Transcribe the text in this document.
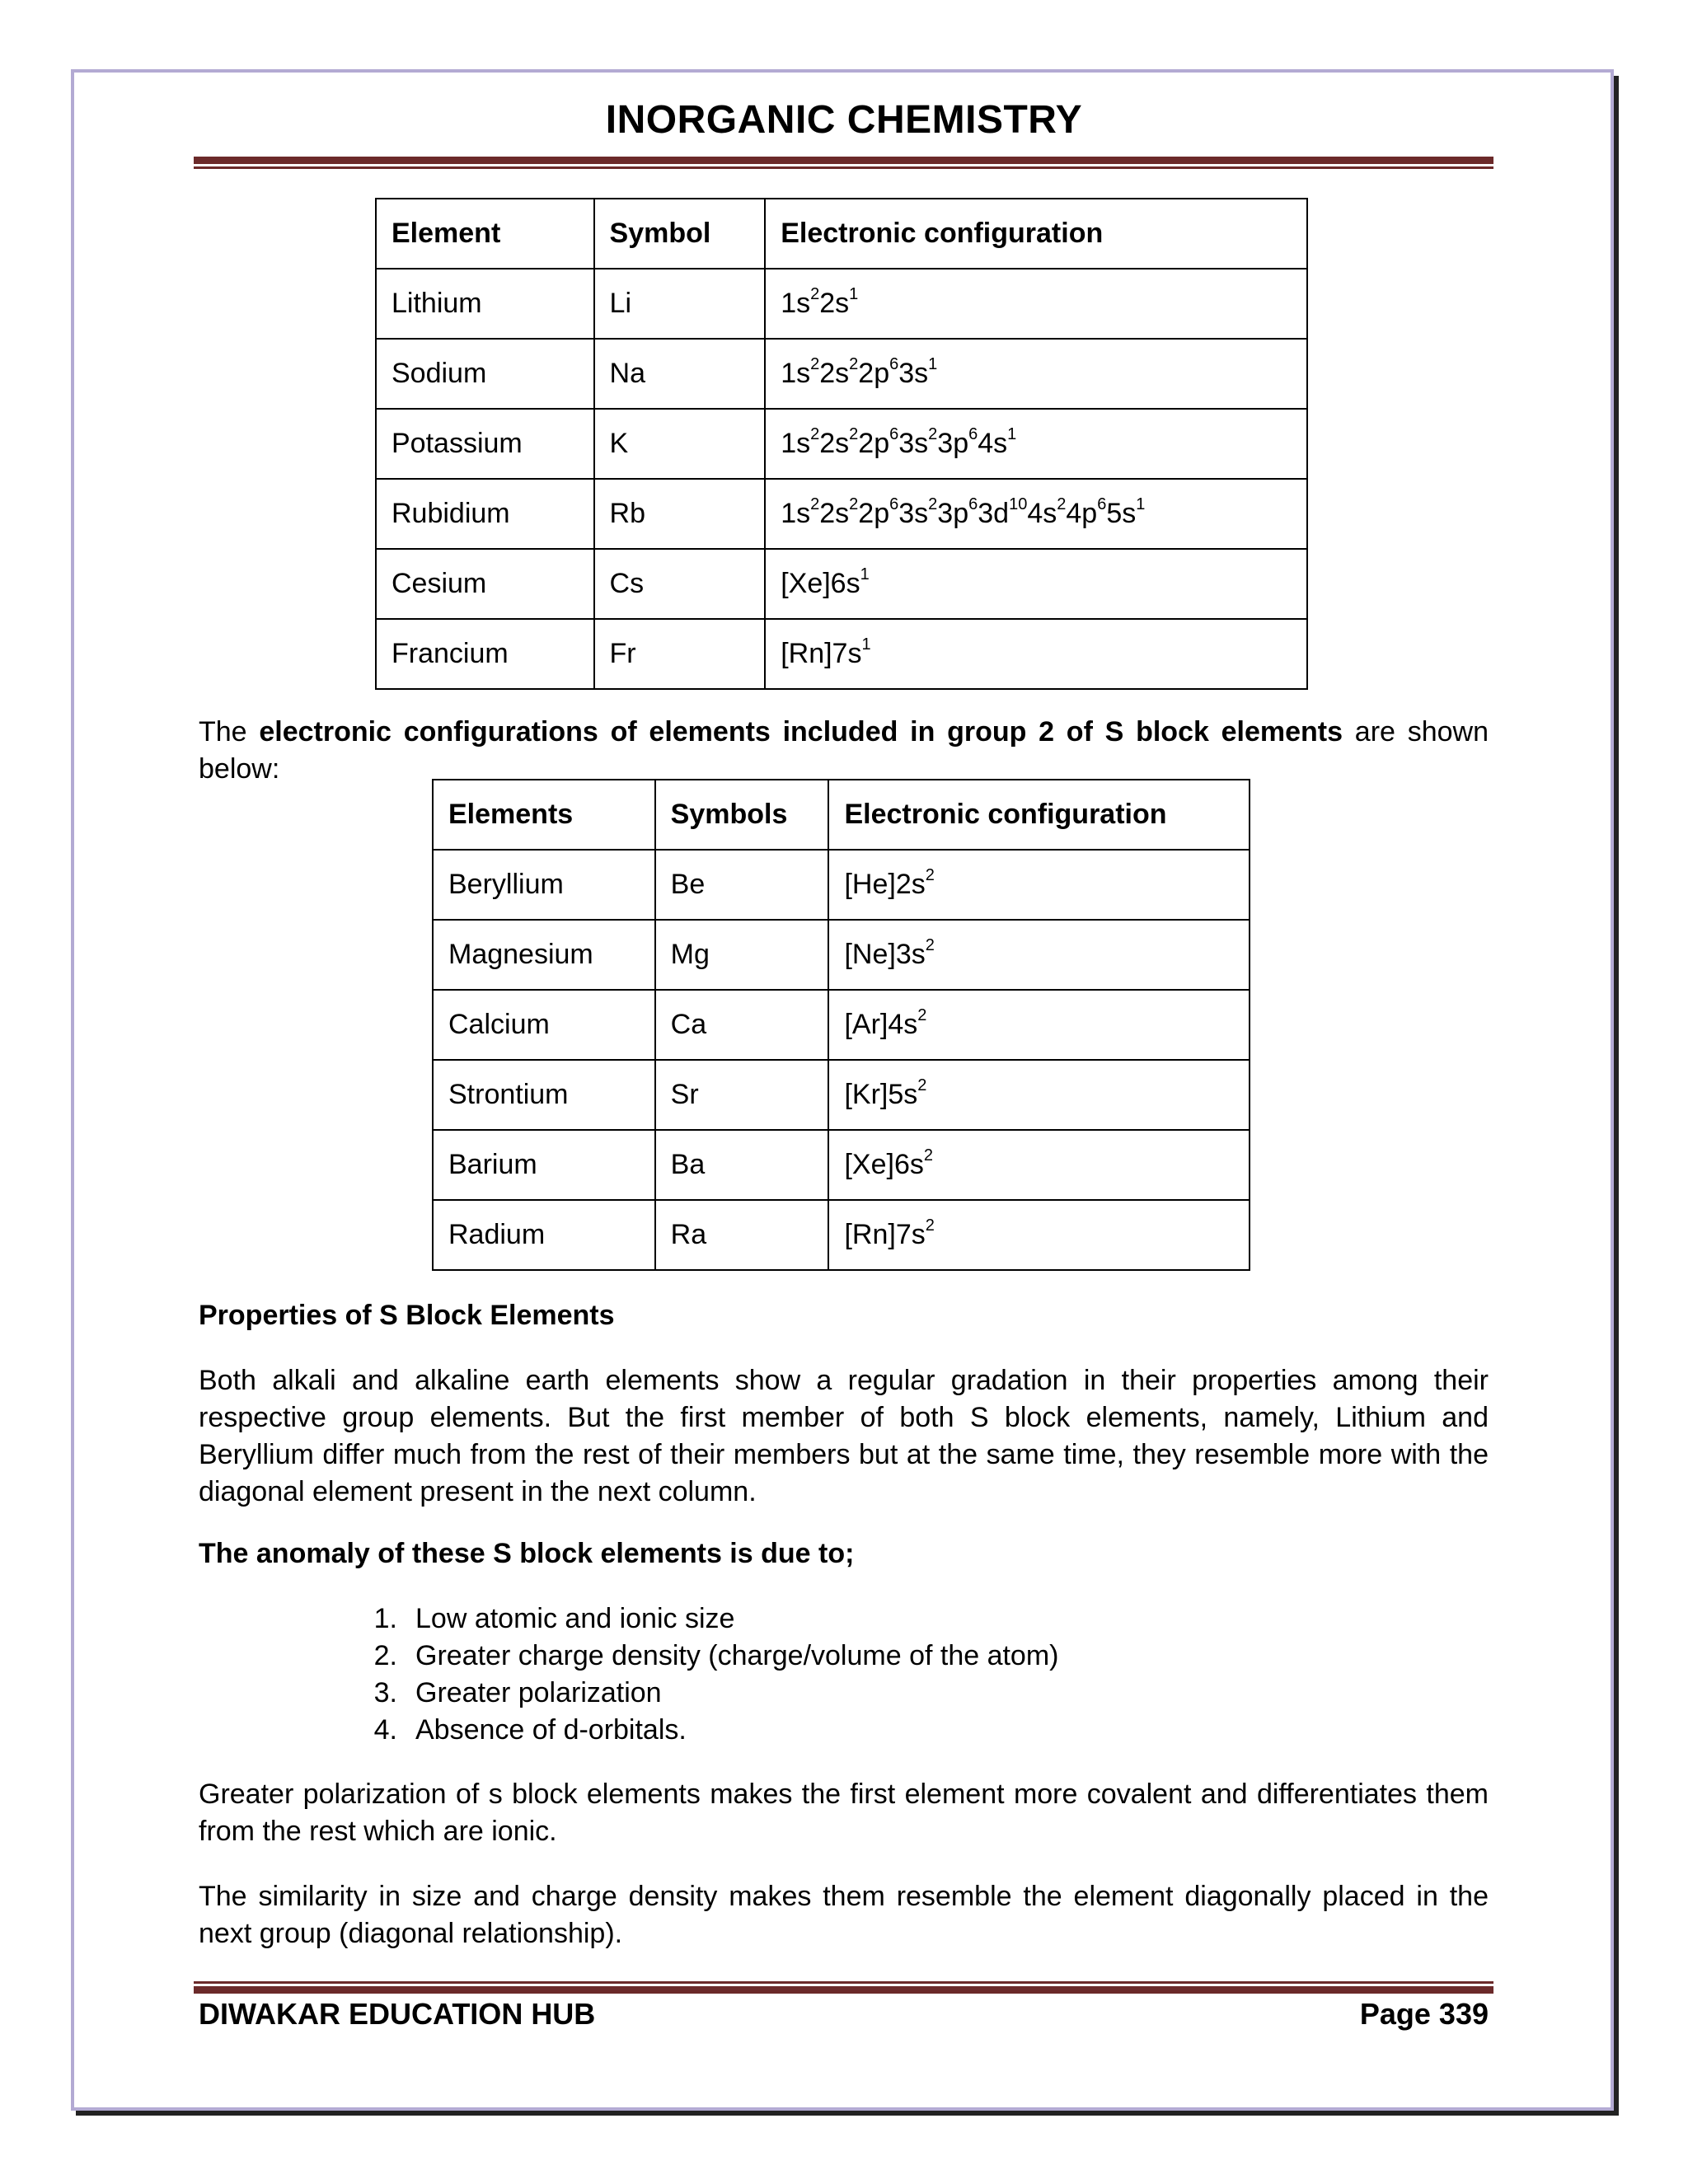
INORGANIC CHEMISTRY
Element	Symbol	Electronic configuration
Lithium	Li	$1s^22s^1$
Sodium	Na	$1s^22s^22p^63s^1$
Potassium	K	$1s^22s^22p^63s^23p^64s^1$
Rubidium	Rb	$1s^22s^22p^63s^23p^63d^{10}4s^24p^65s^1$
Cesium	Cs	$[Xe]6s^1$
Francium	Fr	$[Rn]7s^1$
The electronic configurations of elements included in group 2 of S block elements are shown below:
Elements	Symbols	Electronic configuration
Beryllium	Be	$[He]2s^2$
Magnesium	Mg	$[Ne]3s^2$
Calcium	Ca	$[Ar]4s^2$
Strontium	Sr	$[Kr]5s^2$
Barium	Ba	$[Xe]6s^2$
Radium	Ra	$[Rn]7s^2$
Properties of S Block Elements
Both alkali and alkaline earth elements show a regular gradation in their properties among their respective group elements. But the first member of both S block elements, namely, Lithium and Beryllium differ much from the rest of their members but at the same time, they resemble more with the diagonal element present in the next column.
The anomaly of these S block elements is due to;
1. Low atomic and ionic size
2. Greater charge density (charge/volume of the atom)
3. Greater polarization
4. Absence of d-orbitals.
Greater polarization of s block elements makes the first element more covalent and differentiates them from the rest which are ionic.
The similarity in size and charge density makes them resemble the element diagonally placed in the next group (diagonal relationship).
DIWAKAR EDUCATION HUB	Page 339
